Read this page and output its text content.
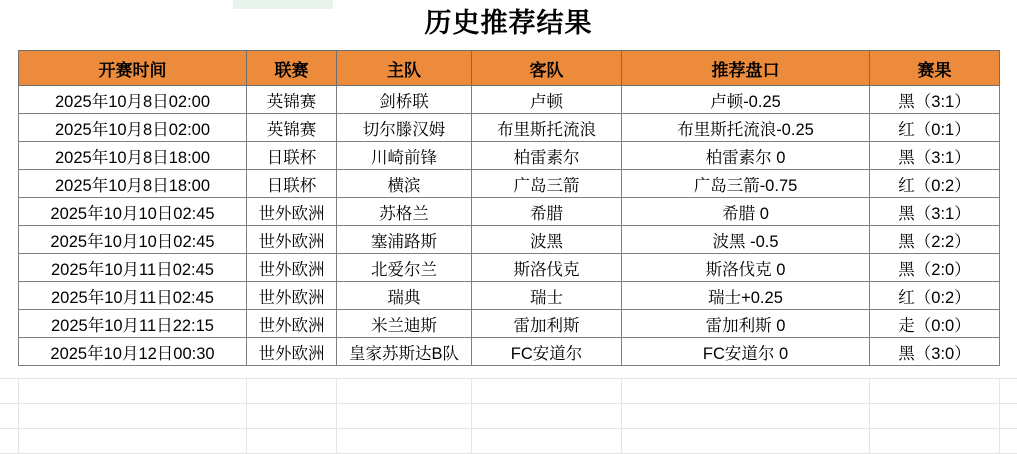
历史推荐结果
开赛时间	联赛	主队	客队	推荐盘口	赛果
2025年10月8日02:00	英锦赛	剑桥联	卢顿	卢顿-0.25	黑（3:1）
2025年10月8日02:00	英锦赛	切尔滕汉姆	布里斯托流浪	布里斯托流浪-0.25	红（0:1）
2025年10月8日18:00	日联杯	川崎前锋	柏雷素尔	柏雷素尔 0	黑（3:1）
2025年10月8日18:00	日联杯	横滨	广岛三箭	广岛三箭-0.75	红（0:2）
2025年10月10日02:45	世外欧洲	苏格兰	希腊	希腊 0	黑（3:1）
2025年10月10日02:45	世外欧洲	塞浦路斯	波黑	波黑 -0.5	黑（2:2）
2025年10月11日02:45	世外欧洲	北爱尔兰	斯洛伐克	斯洛伐克 0	黑（2:0）
2025年10月11日02:45	世外欧洲	瑞典	瑞士	瑞士+0.25	红（0:2）
2025年10月11日22:15	世外欧洲	米兰迪斯	雷加利斯	雷加利斯 0	走（0:0）
2025年10月12日00:30	世外欧洲	皇家苏斯达B队	FC安道尔	FC安道尔 0	黑（3:0）
